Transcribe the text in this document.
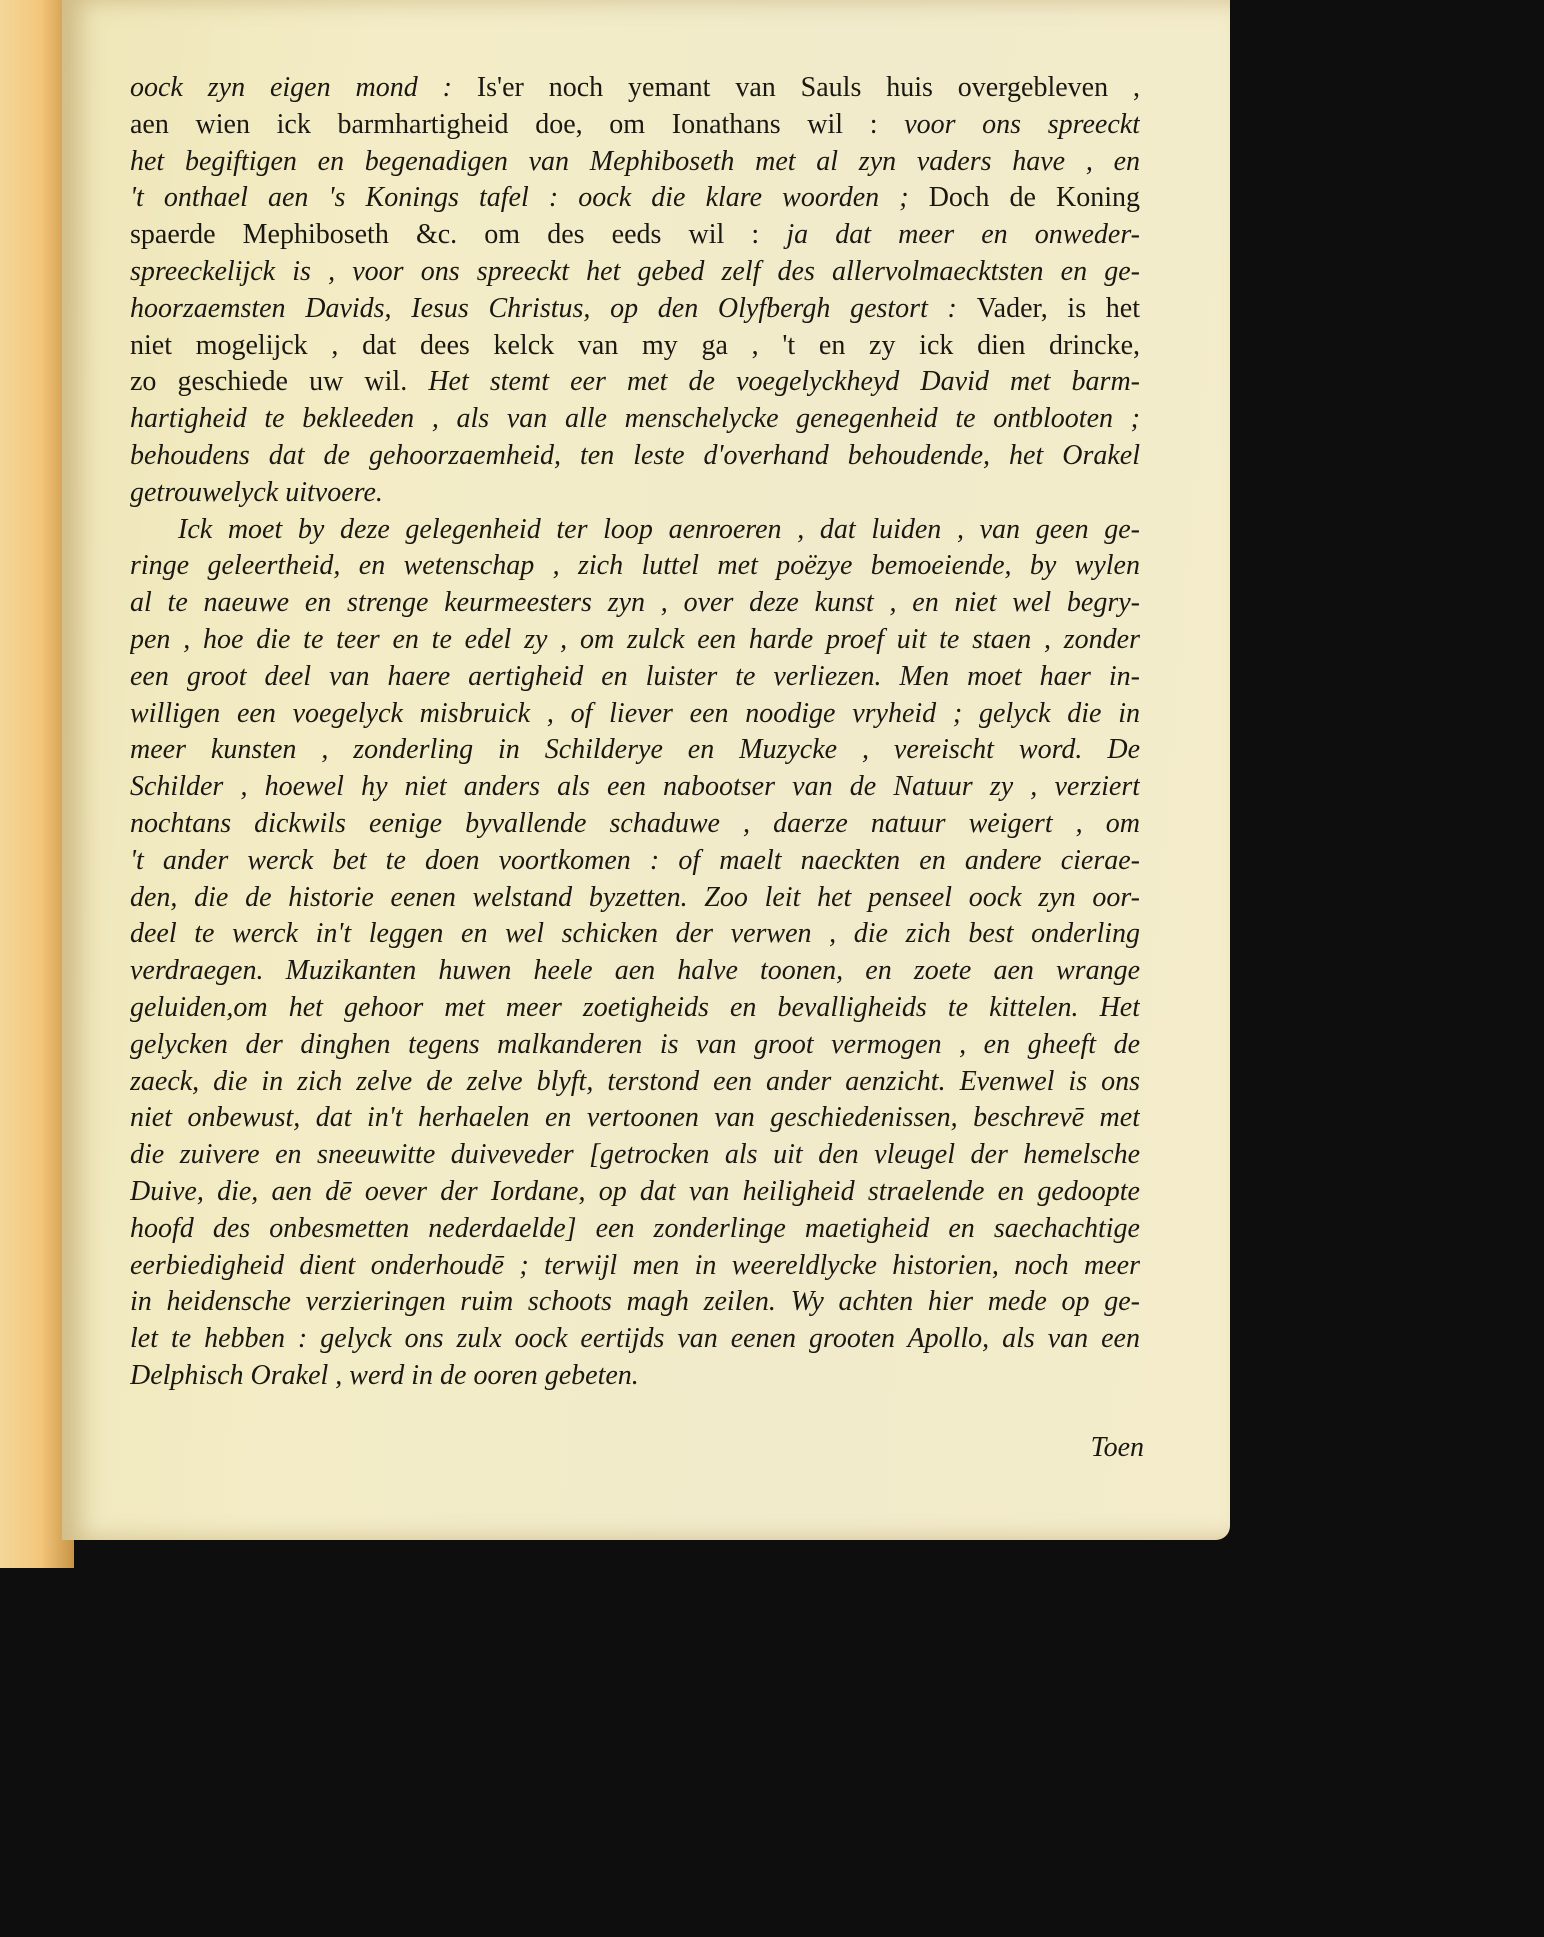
oock zyn eigen mond : Is'er noch yemant van Sauls huis overgebleven ,
aen wien ick barmhartigheid doe, om Ionathans wil : voor ons spreeckt
het begiftigen en begenadigen van Mephiboseth met al zyn vaders have , en
't onthael aen 's Konings tafel : oock die klare woorden ; Doch de Koning
spaerde Mephiboseth &c. om des eeds wil : ja dat meer en onweder-
spreeckelijck is , voor ons spreeckt het gebed zelf des allervolmaecktsten en ge-
hoorzaemsten Davids, Iesus Christus, op den Olyfbergh gestort : Vader, is het
niet mogelijck , dat dees kelck van my ga , 't en zy ick dien drincke,
zo geschiede uw wil. Het stemt eer met de voegelyckheyd David met barm-
hartigheid te bekleeden , als van alle menschelycke genegenheid te ontblooten ;
behoudens dat de gehoorzaemheid, ten leste d'overhand behoudende, het Orakel
getrouwelyck uitvoere.
Ick moet by deze gelegenheid ter loop aenroeren , dat luiden , van geen ge-
ringe geleertheid, en wetenschap , zich luttel met poëzye bemoeiende, by wylen
al te naeuwe en strenge keurmeesters zyn , over deze kunst , en niet wel begry-
pen , hoe die te teer en te edel zy , om zulck een harde proef uit te staen , zonder
een groot deel van haere aertigheid en luister te verliezen. Men moet haer in-
willigen een voegelyck misbruick , of liever een noodige vryheid ; gelyck die in
meer kunsten , zonderling in Schilderye en Muzycke , vereischt word. De
Schilder , hoewel hy niet anders als een nabootser van de Natuur zy , verziert
nochtans dickwils eenige byvallende schaduwe , daerze natuur weigert , om
't ander werck bet te doen voortkomen : of maelt naeckten en andere cierae-
den, die de historie eenen welstand byzetten. Zoo leit het penseel oock zyn oor-
deel te werck in't leggen en wel schicken der verwen , die zich best onderling
verdraegen. Muzikanten huwen heele aen halve toonen, en zoete aen wrange
geluiden,om het gehoor met meer zoetigheids en bevalligheids te kittelen. Het
gelycken der dinghen tegens malkanderen is van groot vermogen , en gheeft de
zaeck, die in zich zelve de zelve blyft, terstond een ander aenzicht. Evenwel is ons
niet onbewust, dat in't herhaelen en vertoonen van geschiedenissen, beschrevē met
die zuivere en sneeuwitte duiveveder [getrocken als uit den vleugel der hemelsche
Duive, die, aen dē oever der Iordane, op dat van heiligheid straelende en gedoopte
hoofd des onbesmetten nederdaelde] een zonderlinge maetigheid en saechachtige
eerbiedigheid dient onderhoudē ; terwijl men in weereldlycke historien, noch meer
in heidensche verzieringen ruim schoots magh zeilen. Wy achten hier mede op ge-
let te hebben : gelyck ons zulx oock eertijds van eenen grooten Apollo, als van een
Delphisch Orakel , werd in de ooren gebeten.
Toen
